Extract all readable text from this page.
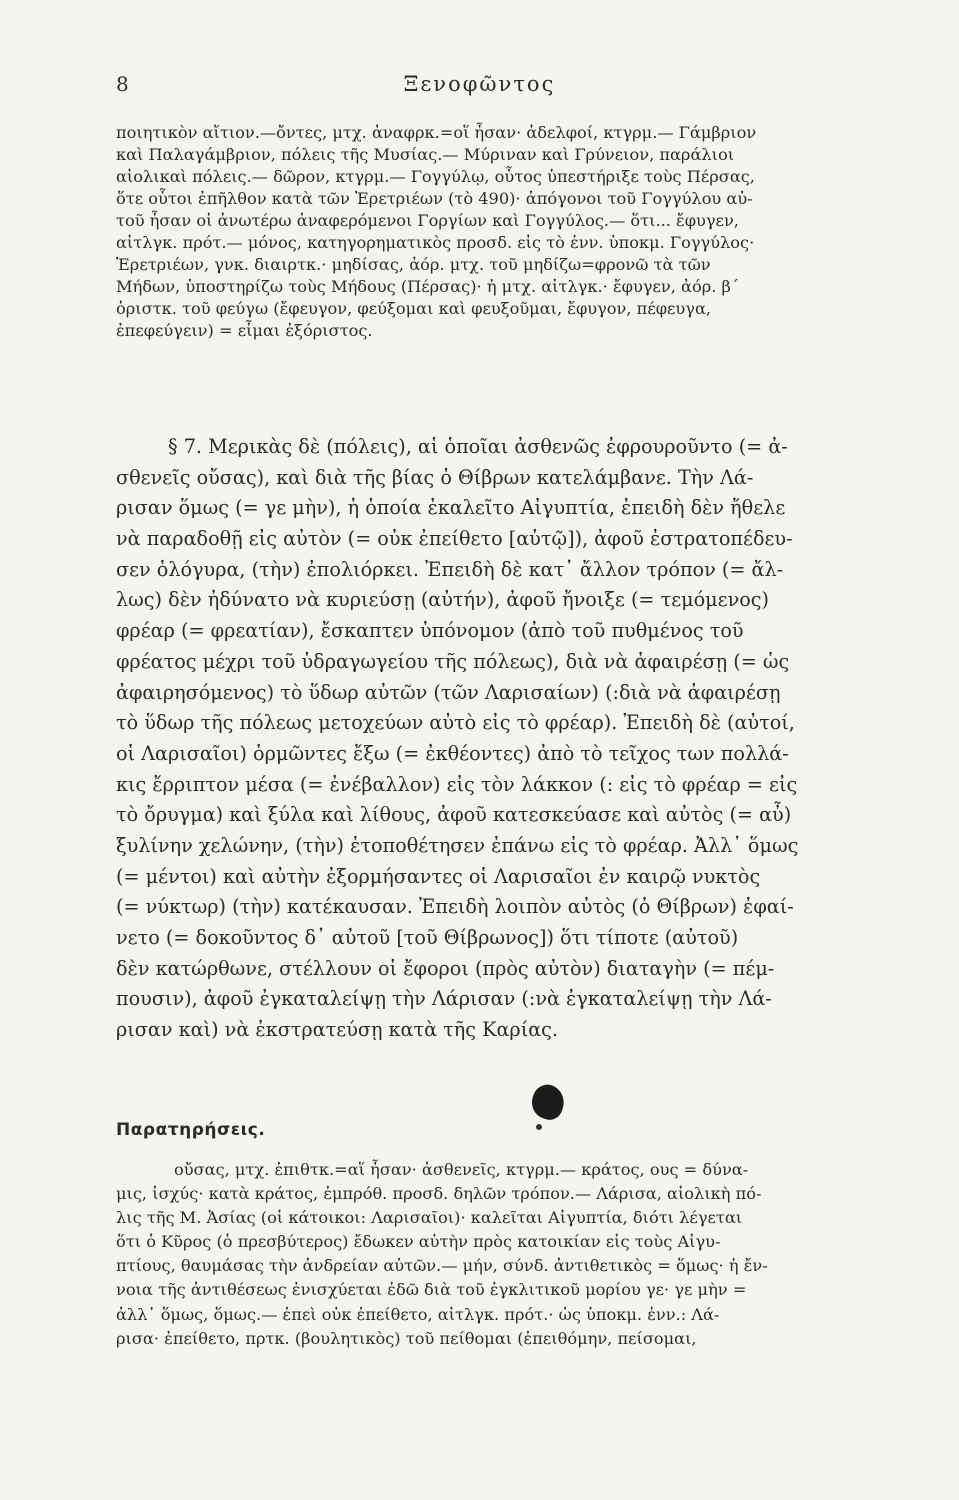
8	Ξενοφῶντος
ποιητικὸν αἴτιον.—ὄντες, μτχ. ἀναφρκ.=οἵ ἦσαν· ἀδελφοί, κτγρμ.— Γάμβριον
καὶ Παλαγάμβριον, πόλεις τῆς Μυσίας.— Μύριναν καὶ Γρύνειον, παράλιοι
αἰολικαὶ πόλεις.— δῶρον, κτγρμ.— Γογγύλῳ, οὗτος ὑπεστήριξε τοὺς Πέρσας,
ὅτε οὗτοι ἐπῆλθον κατὰ τῶν Ἐρετριέων (τὸ 490)· ἀπόγονοι τοῦ Γογγύλου αὐ-
τοῦ ἦσαν οἱ ἀνωτέρω ἀναφερόμενοι Γοργίων καὶ Γογγύλος.— ὅτι... ἔφυγεν,
αἰτλγκ. πρότ.— μόνος, κατηγορηματικὸς προσδ. εἰς τὸ ἐνν. ὑποκμ. Γογγύλος·
Ἐρετριέων, γνκ. διαιρτκ.· μηδίσας, ἀόρ. μτχ. τοῦ μηδίζω=φρονῶ τὰ τῶν
Μήδων, ὑποστηρίζω τοὺς Μήδους (Πέρσας)· ἡ μτχ. αἰτλγκ.· ἔφυγεν, ἀόρ. β΄
ὁριστκ. τοῦ φεύγω (ἔφευγον, φεύξομαι καὶ φευξοῦμαι, ἔφυγον, πέφευγα,
ἐπεφεύγειν) = εἶμαι ἐξόριστος.
§ 7. Μερικὰς δὲ (πόλεις), αἱ ὁποῖαι ἀσθενῶς ἐφρουροῦντο (= ἀ-
σθενεῖς οὔσας), καὶ διὰ τῆς βίας ὁ Θίβρων κατελάμβανε. Τὴν Λά-
ρισαν ὅμως (= γε μὴν), ἡ ὁποία ἐκαλεῖτο Αἰγυπτία, ἐπειδὴ δὲν ἤθελε
νὰ παραδοθῇ εἰς αὐτὸν (= οὐκ ἐπείθετο [αὐτῷ]), ἀφοῦ ἐστρατοπέδευ-
σεν ὁλόγυρα, (τὴν) ἐπολιόρκει. Ἐπειδὴ δὲ κατ᾿ ἄλλον τρόπον (= ἄλ-
λως) δὲν ἠδύνατο νὰ κυριεύσῃ (αὐτήν), ἀφοῦ ἤνοιξε (= τεμόμενος)
φρέαρ (= φρεατίαν), ἔσκαπτεν ὑπόνομον (ἀπὸ τοῦ πυθμένος τοῦ
φρέατος μέχρι τοῦ ὑδραγωγείου τῆς πόλεως), διὰ νὰ ἀφαιρέσῃ (= ὡς
ἀφαιρησόμενος) τὸ ὕδωρ αὐτῶν (τῶν Λαρισαίων) (:διὰ νὰ ἀφαιρέσῃ
τὸ ὕδωρ τῆς πόλεως μετοχεύων αὐτὸ εἰς τὸ φρέαρ). Ἐπειδὴ δὲ (αὐτοί,
οἱ Λαρισαῖοι) ὁρμῶντες ἔξω (= ἐκθέοντες) ἀπὸ τὸ τεῖχος των πολλά-
κις ἔρριπτον μέσα (= ἐνέβαλλον) εἰς τὸν λάκκον (: εἰς τὸ φρέαρ = εἰς
τὸ ὄρυγμα) καὶ ξύλα καὶ λίθους, ἀφοῦ κατεσκεύασε καὶ αὐτὸς (= αὖ)
ξυλίνην χελώνην, (τὴν) ἐτοποθέτησεν ἐπάνω εἰς τὸ φρέαρ. Ἀλλ᾿ ὅμως
(= μέντοι) καὶ αὐτὴν ἐξορμήσαντες οἱ Λαρισαῖοι ἐν καιρῷ νυκτὸς
(= νύκτωρ) (τὴν) κατέκαυσαν. Ἐπειδὴ λοιπὸν αὐτὸς (ὁ Θίβρων) ἐφαί-
νετο (= δοκοῦντος δ᾿ αὐτοῦ [τοῦ Θίβρωνος]) ὅτι τίποτε (αὐτοῦ)
δὲν κατώρθωνε, στέλλουν οἱ ἔφοροι (πρὸς αὐτὸν) διαταγὴν (= πέμ-
πουσιν), ἀφοῦ ἐγκαταλείψῃ τὴν Λάρισαν (:νὰ ἐγκαταλείψῃ τὴν Λά-
ρισαν καὶ) νὰ ἐκστρατεύσῃ κατὰ τῆς Καρίας.
Παρατηρήσεις.
οὔσας, μτχ. ἐπιθτκ.=αἵ ἦσαν· ἀσθενεῖς, κτγρμ.— κράτος, ους = δύνα-
μις, ἰσχύς· κατὰ κράτος, ἐμπρόθ. προσδ. δηλῶν τρόπον.— Λάρισα, αἰολικὴ πό-
λις τῆς Μ. Ἀσίας (οἱ κάτοικοι: Λαρισαῖοι)· καλεῖται Αἰγυπτία, διότι λέγεται
ὅτι ὁ Κῦρος (ὁ πρεσβύτερος) ἔδωκεν αὐτὴν πρὸς κατοικίαν εἰς τοὺς Αἰγυ-
πτίους, θαυμάσας τὴν ἀνδρείαν αὐτῶν.— μήν, σύνδ. ἀντιθετικὸς = ὅμως· ἡ ἔν-
νοια τῆς ἀντιθέσεως ἐνισχύεται ἐδῶ διὰ τοῦ ἐγκλιτικοῦ μορίου γε· γε μὴν =
ἀλλ᾿ ὅμως, ὅμως.— ἐπεὶ οὐκ ἐπείθετο, αἰτλγκ. πρότ.· ὡς ὑποκμ. ἐνν.: Λά-
ρισα· ἐπείθετο, πρτκ. (βουλητικὸς) τοῦ πείθομαι (ἐπειθόμην, πείσομαι,
